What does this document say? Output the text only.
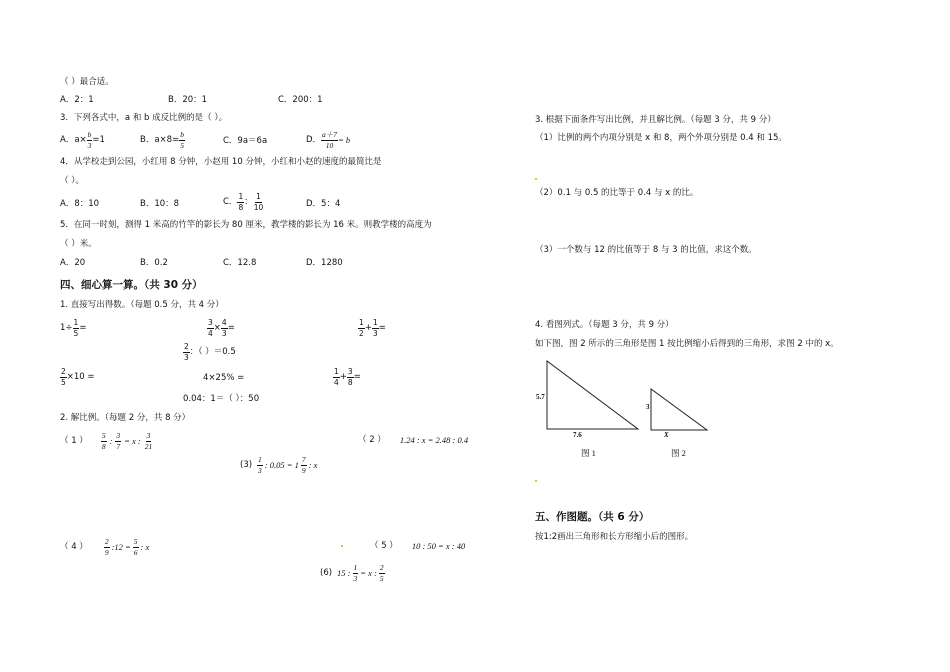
（ ）最合适。
A．2：1	B．20：1	C．200：1
3．下列各式中，a 和 b 成反比例的是（ ）。
A．$a\times \frac{b}{3} =1$	B．$a\times 8= \frac{b}{5}$	C．9a＝6a	D． $\frac{a+7}{10} = b$
4．从学校走到公园，小红用 8 分钟，小赵用 10 分钟，小红和小赵的速度的最简比是
（ ）。
A．8：10	B．10：8	C． $\frac{1}{8}$ ： $\frac{1}{10}$	D．5：4
5．在同一时刻，测得 1 米高的竹竿的影长为 80 厘米，教学楼的影长为 16 米。则教学楼的高度为
（ ）米。
A．20	B．0.2	C．12.8	D．1280
四、细心算一算。（共 30 分）
1. 直接写出得数。（每题 0.5 分，共 4 分）
$1\div \frac{1}{5}$ =	$\frac{3}{4} \times \frac{4}{3}$ =	$\frac{1}{2} + \frac{1}{3}$ =
$\frac{2}{3}$ ：（ ）＝0.5
$\frac{2}{5} \times 10$ =	4×25% =	$\frac{1}{4} + \frac{3}{8}$ =
0.04：1＝（ ）：50
2. 解比例。（每题 2 分，共 8 分）
（ 1 ） $\frac{5}{8}$ : $\frac{3}{7} = x$ : $\frac{3}{21}$	（ 2 ） 1.24 : x = 2.48 : 0.4
$(3) \frac{1}{3}$ : $0.05 = 1 \frac{7}{9}$ : x
（ 4 ） $\frac{2}{9}$ :12 = $\frac{5}{6}$ : x	（ 5 ） 10 : 50 = x : 40
(6) 15 : $\frac{1}{3} = x$ : $\frac{2}{5}$
3. 根据下面条件写出比例，并且解比例。（每题 3 分，共 9 分）
（1）比例的两个内项分别是 x 和 8，两个外项分别是 0.4 和 15。
（2）0.1 与 0.5 的比等于 0.4 与 x 的比。
（3）一个数与 12 的比值等于 8 与 3 的比值，求这个数。
4. 看图列式。（每题 3 分，共 9 分）
如下图，图 2 所示的三角形是图 1 按比例缩小后得到的三角形，求图 2 中的 x。
5.7
7.6
图 1
3
X
图 2
五、作图题。（共 6 分）
按1:2画出三角形和长方形缩小后的图形。
